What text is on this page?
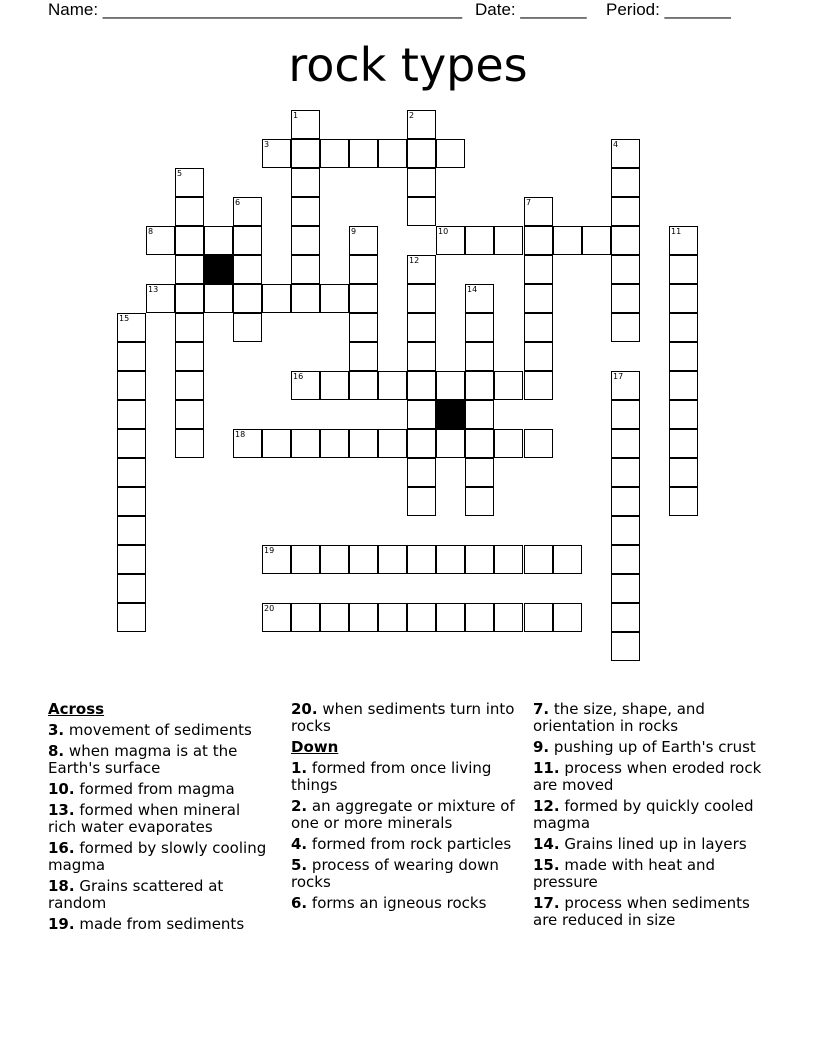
Name: ______________________________________ Date: _______ Period: _______
rock types
1	2
3	4
5
6	7
8	9	10	11
12
13	14
15
16	17
18
19
20
Across
3. movement of sediments
8. when magma is at the Earth's surface
10. formed from magma
13. formed when mineral rich water evaporates
16. formed by slowly cooling magma
18. Grains scattered at random
19. made from sediments
20. when sediments turn into rocks
Down
1. formed from once living things
2. an aggregate or mixture of one or more minerals
4. formed from rock particles
5. process of wearing down rocks
6. forms an igneous rocks
7. the size, shape, and orientation in rocks
9. pushing up of Earth's crust
11. process when eroded rock are moved
12. formed by quickly cooled magma
14. Grains lined up in layers
15. made with heat and pressure
17. process when sediments are reduced in size
